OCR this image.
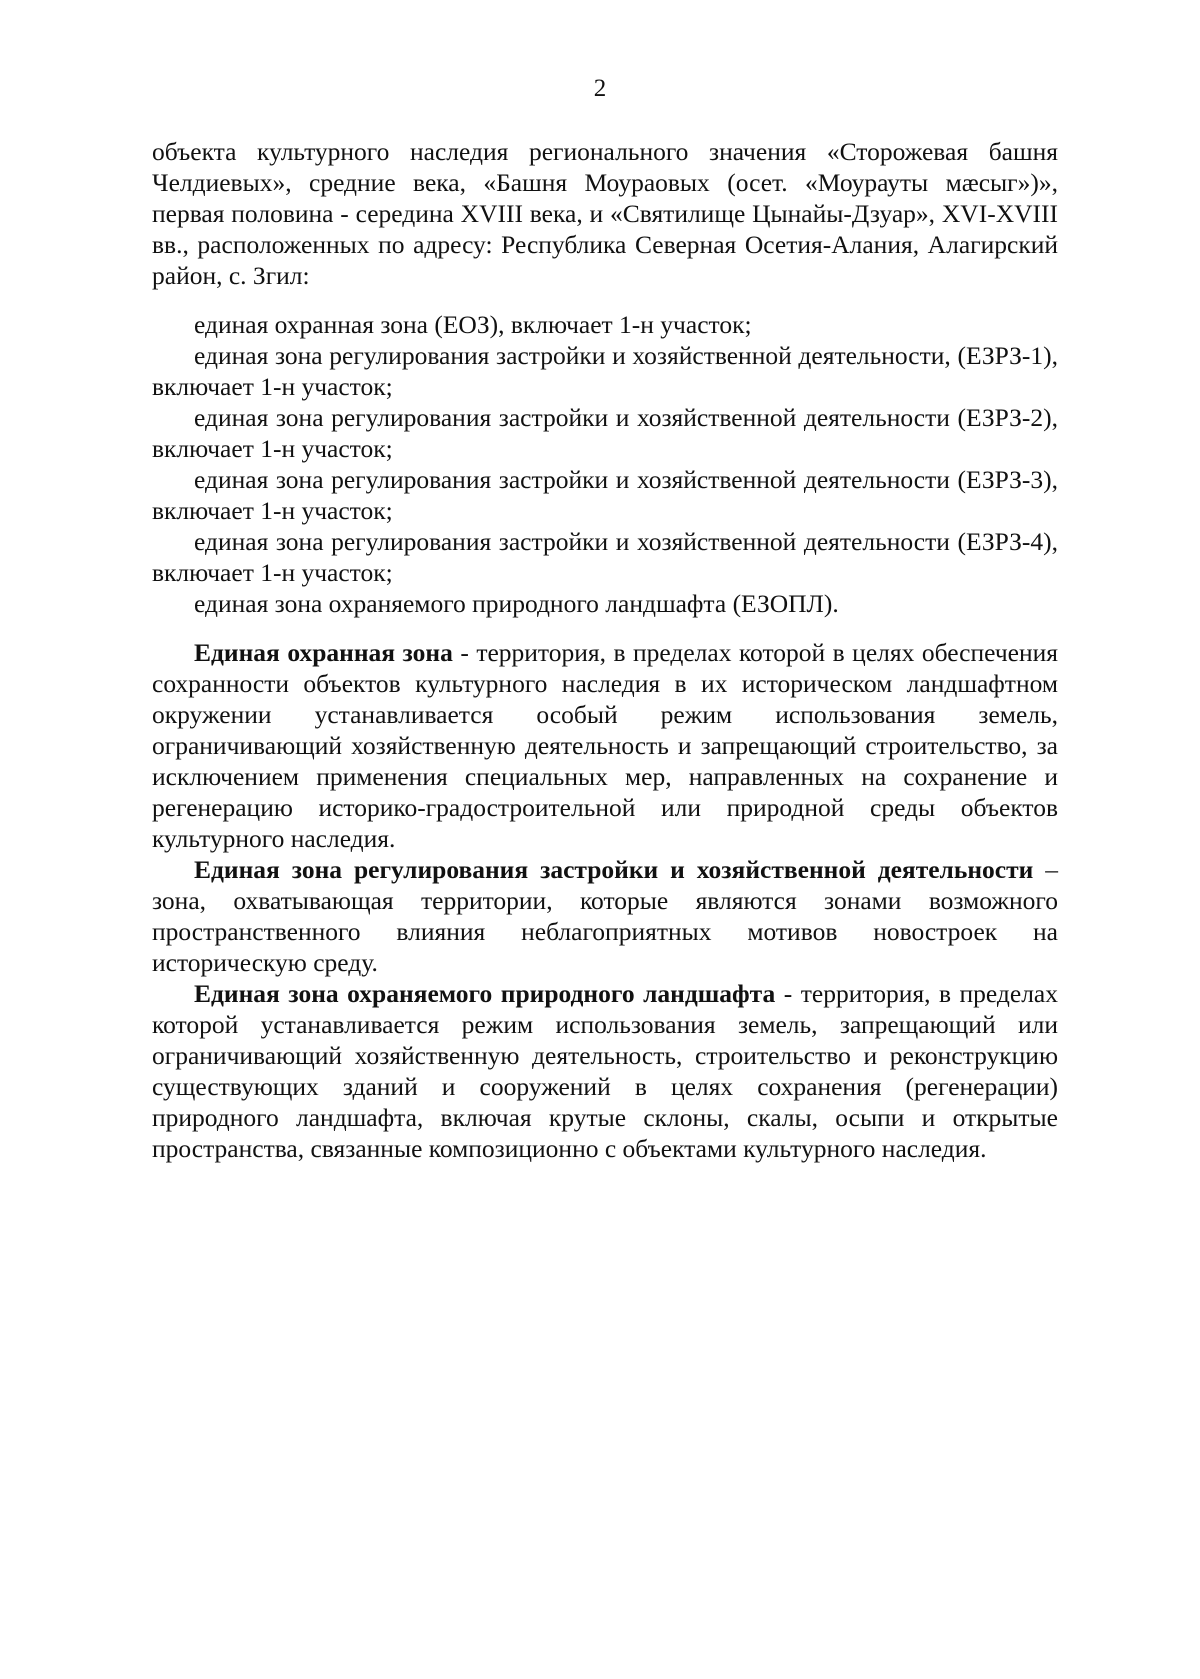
2

объекта культурного наследия регионального значения «Сторожевая башня Челдиевых», средние века, «Башня Моураовых (осет. «Моурауты мæсыг»)», первая половина - середина XVIII века, и «Святилище Цынайы-Дзуар», XVI-XVIII вв., расположенных по адресу: Республика Северная Осетия-Алания, Алагирский район, с. Згил:

единая охранная зона (ЕОЗ), включает 1-н участок;

единая зона регулирования застройки и хозяйственной деятельности, (ЕЗРЗ-1), включает 1-н участок;

единая зона регулирования застройки и хозяйственной деятельности (ЕЗРЗ-2), включает 1-н участок;

единая зона регулирования застройки и хозяйственной деятельности (ЕЗРЗ-3), включает 1-н участок;

единая зона регулирования застройки и хозяйственной деятельности (ЕЗРЗ-4), включает 1-н участок;

единая зона охраняемого природного ландшафта (ЕЗОПЛ).

Единая охранная зона - территория, в пределах которой в целях обеспечения сохранности объектов культурного наследия в их историческом ландшафтном окружении устанавливается особый режим использования земель, ограничивающий хозяйственную деятельность и запрещающий строительство, за исключением применения специальных мер, направленных на сохранение и регенерацию историко-градостроительной или природной среды объектов культурного наследия.

Единая зона регулирования застройки и хозяйственной деятельности – зона, охватывающая территории, которые являются зонами возможного пространственного влияния неблагоприятных мотивов новостроек на историческую среду.

Единая зона охраняемого природного ландшафта - территория, в пределах которой устанавливается режим использования земель, запрещающий или ограничивающий хозяйственную деятельность, строительство и реконструкцию существующих зданий и сооружений в целях сохранения (регенерации) природного ландшафта, включая крутые склоны, скалы, осыпи и открытые пространства, связанные композиционно с объектами культурного наследия.
